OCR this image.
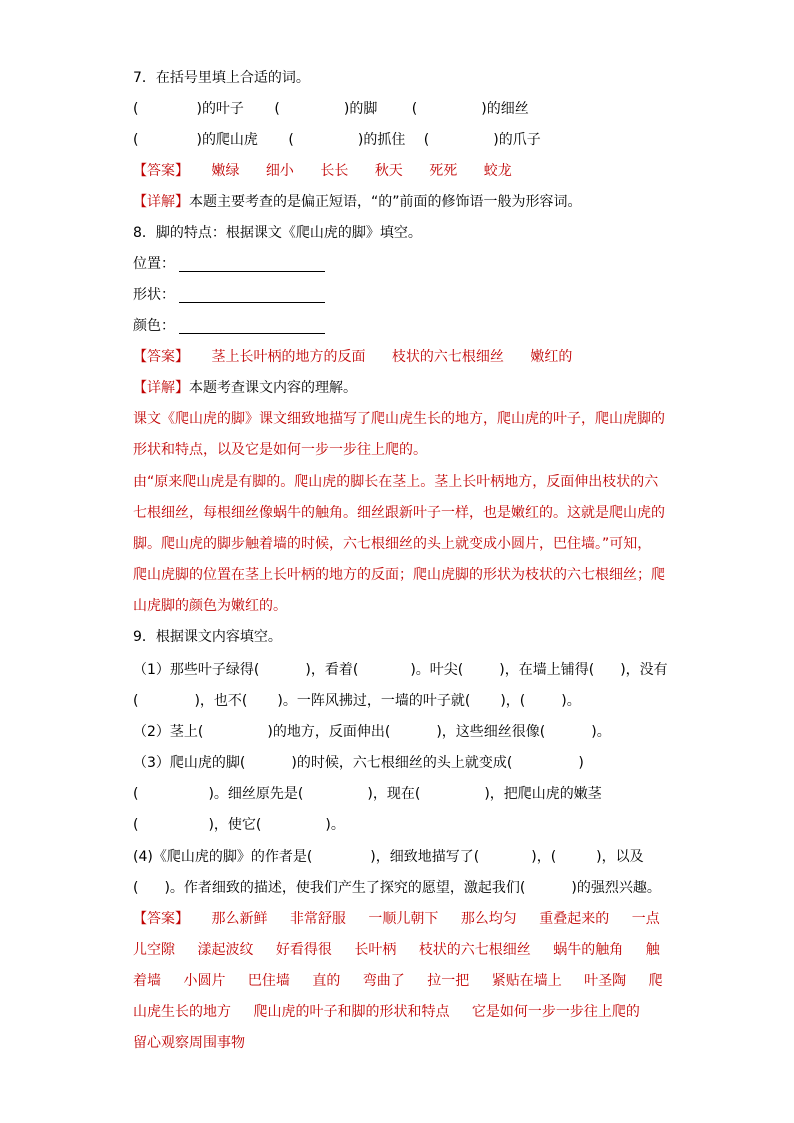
7．在括号里填上合适的词。
(	)的叶子 (	)的脚 (	)的细丝
(	)的爬山虎 (	)的抓住 (	)的爪子
【答案】 嫩绿 细小 长长 秋天 死死 蛟龙
【详解】本题主要考查的是偏正短语，“的”前面的修饰语一般为形容词。
8．脚的特点：根据课文《爬山虎的脚》填空。
位置：
形状：
颜色：
【答案】 茎上长叶柄的地方的反面 枝状的六七根细丝 嫩红的
【详解】本题考查课文内容的理解。
课文《爬山虎的脚》课文细致地描写了爬山虎生长的地方，爬山虎的叶子，爬山虎脚的
形状和特点，以及它是如何一步一步往上爬的。
由“原来爬山虎是有脚的。爬山虎的脚长在茎上。茎上长叶柄地方，反面伸出枝状的六
七根细丝，每根细丝像蜗牛的触角。细丝跟新叶子一样，也是嫩红的。这就是爬山虎的
脚。爬山虎的脚步触着墙的时候，六七根细丝的头上就变成小圆片，巴住墙。”可知，
爬山虎脚的位置在茎上长叶柄的地方的反面；爬山虎脚的形状为枝状的六七根细丝；爬
山虎脚的颜色为嫩红的。
9．根据课文内容填空。
（1）那些叶子绿得(	)，看着(	)。叶尖(	)，在墙上铺得( )，没有
(	)，也不( )。一阵风拂过，一墙的叶子就( )，(	)。
（2）茎上(	)的地方，反面伸出(	)，这些细丝很像(	)。
（3）爬山虎的脚(	)的时候，六七根细丝的头上就变成(	)
(	)。细丝原先是(	)，现在(	)，把爬山虎的嫩茎
(	)，使它(	)。
(4)《爬山虎的脚》的作者是(	)，细致地描写了(	)，(	)，以及
( )。作者细致的描述，使我们产生了探究的愿望，激起我们(	)的强烈兴趣。
【答案】 那么新鲜 非常舒服 一顺儿朝下 那么均匀 重叠起来的 一点
儿空隙 漾起波纹 好看得很 长叶柄 枝状的六七根细丝 蜗牛的触角 触
着墙 小圆片 巴住墙 直的 弯曲了 拉一把 紧贴在墙上 叶圣陶 爬
山虎生长的地方 爬山虎的叶子和脚的形状和特点 它是如何一步一步往上爬的
留心观察周围事物
